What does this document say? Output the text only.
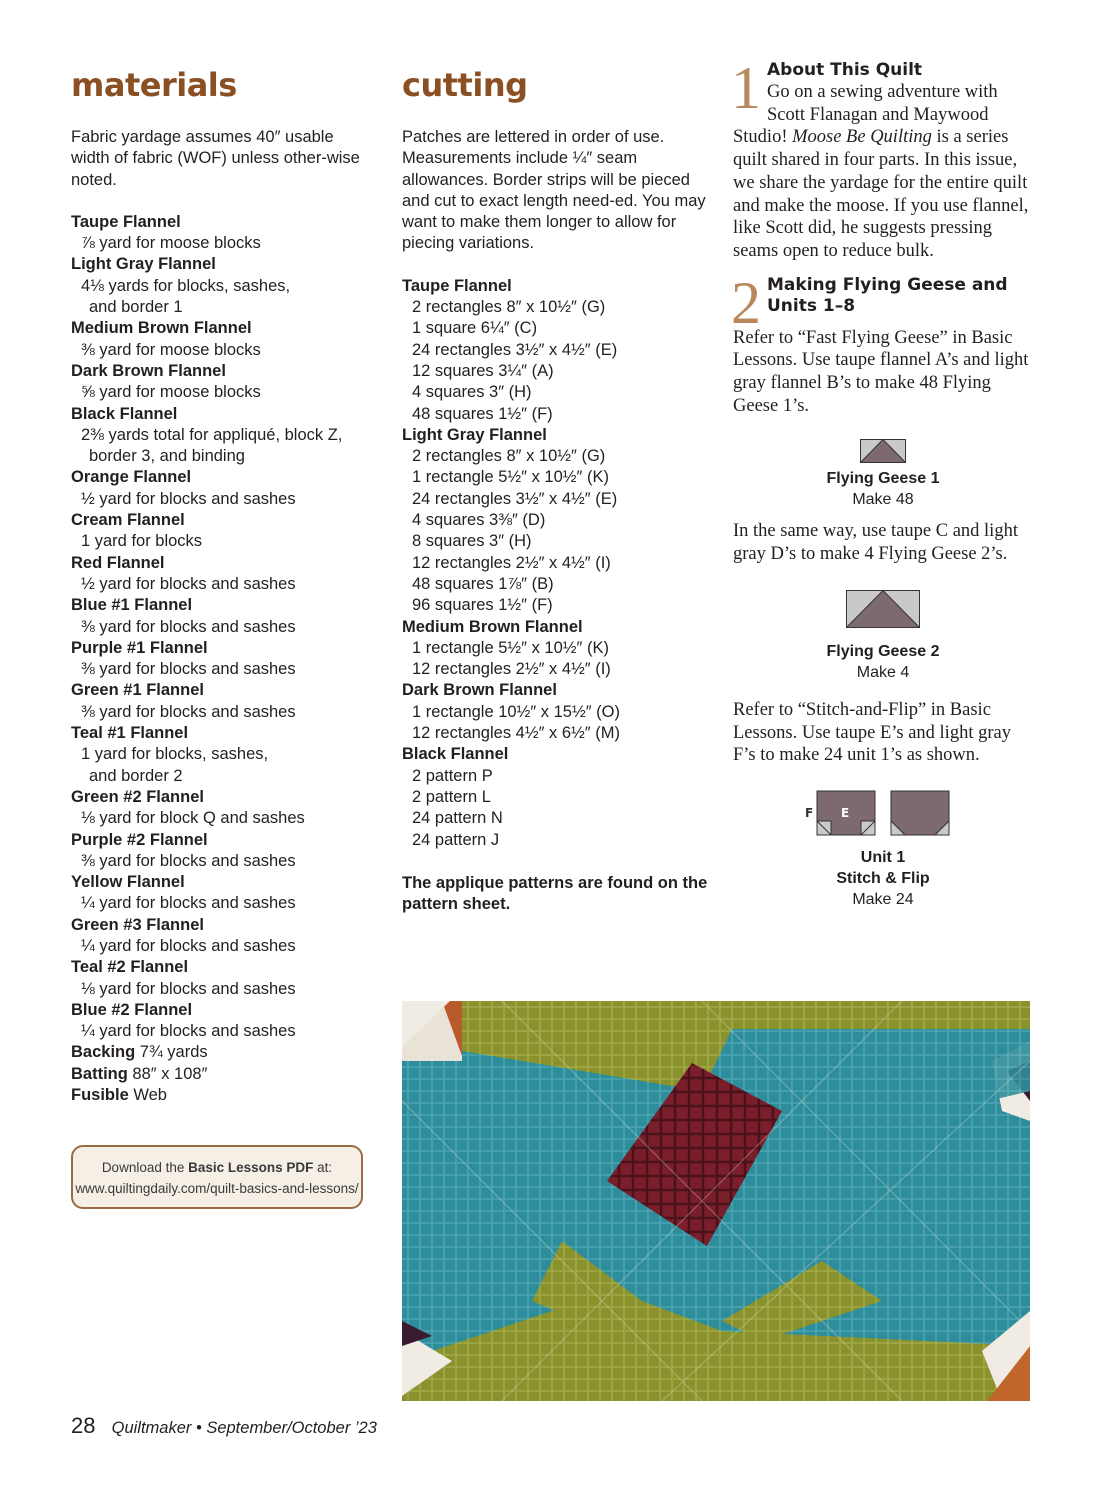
materials

Fabric yardage assumes 40″ usable width of fabric (WOF) unless other-wise noted.

Taupe Flannel
⅞ yard for moose blocks
Light Gray Flannel
4⅛ yards for blocks, sashes,
and border 1
Medium Brown Flannel
⅜ yard for moose blocks
Dark Brown Flannel
⅝ yard for moose blocks
Black Flannel
2⅜ yards total for appliqué, block Z,
border 3, and binding
Orange Flannel
½ yard for blocks and sashes
Cream Flannel
1 yard for blocks
Red Flannel
½ yard for blocks and sashes
Blue #1 Flannel
⅜ yard for blocks and sashes
Purple #1 Flannel
⅜ yard for blocks and sashes
Green #1 Flannel
⅜ yard for blocks and sashes
Teal #1 Flannel
1 yard for blocks, sashes,
and border 2
Green #2 Flannel
⅛ yard for block Q and sashes
Purple #2 Flannel
⅜ yard for blocks and sashes
Yellow Flannel
¼ yard for blocks and sashes
Green #3 Flannel
¼ yard for blocks and sashes
Teal #2 Flannel
⅛ yard for blocks and sashes
Blue #2 Flannel
¼ yard for blocks and sashes
Backing 7¾ yards
Batting 88″ x 108″
Fusible Web
Download the Basic Lessons PDF at:
www.quiltingdaily.com/quilt-basics-and-lessons/
cutting

Patches are lettered in order of use. Measurements include ¼″ seam allowances. Border strips will be pieced and cut to exact length need-ed. You may want to make them longer to allow for piecing variations.

Taupe Flannel
2 rectangles 8″ x 10½″ (G)
1 square 6¼″ (C)
24 rectangles 3½″ x 4½″ (E)
12 squares 3¼″ (A)
4 squares 3″ (H)
48 squares 1½″ (F)
Light Gray Flannel
2 rectangles 8″ x 10½″ (G)
1 rectangle 5½″ x 10½″ (K)
24 rectangles 3½″ x 4½″ (E)
4 squares 3⅜″ (D)
8 squares 3″ (H)
12 rectangles 2½″ x 4½″ (I)
48 squares 1⅞″ (B)
96 squares 1½″ (F)
Medium Brown Flannel
1 rectangle 5½″ x 10½″ (K)
12 rectangles 2½″ x 4½″ (I)
Dark Brown Flannel
1 rectangle 10½″ x 15½″ (O)
12 rectangles 4½″ x 6½″ (M)
Black Flannel
2 pattern P
2 pattern L
24 pattern N
24 pattern J
The applique patterns are found on the pattern sheet.
1 About This Quilt
Go on a sewing adventure with Scott Flanagan and Maywood Studio! Moose Be Quilting is a series quilt shared in four parts. In this issue, we share the yardage for the entire quilt and make the moose. If you use flannel, like Scott did, he suggests pressing seams open to reduce bulk.
2 Making Flying Geese and Units 1–8

Refer to “Fast Flying Geese” in Basic Lessons. Use taupe flannel A’s and light gray flannel B’s to make 48 Flying Geese 1’s.

Flying Geese 1
Make 48

In the same way, use taupe C and light gray D’s to make 4 Flying Geese 2’s.

Flying Geese 2
Make 4

Refer to “Stitch-and-Flip” in Basic Lessons. Use taupe E’s and light gray F’s to make 24 unit 1’s as shown.

F E
Unit 1
Stitch & Flip
Make 24
28 Quiltmaker • September/October ’23
